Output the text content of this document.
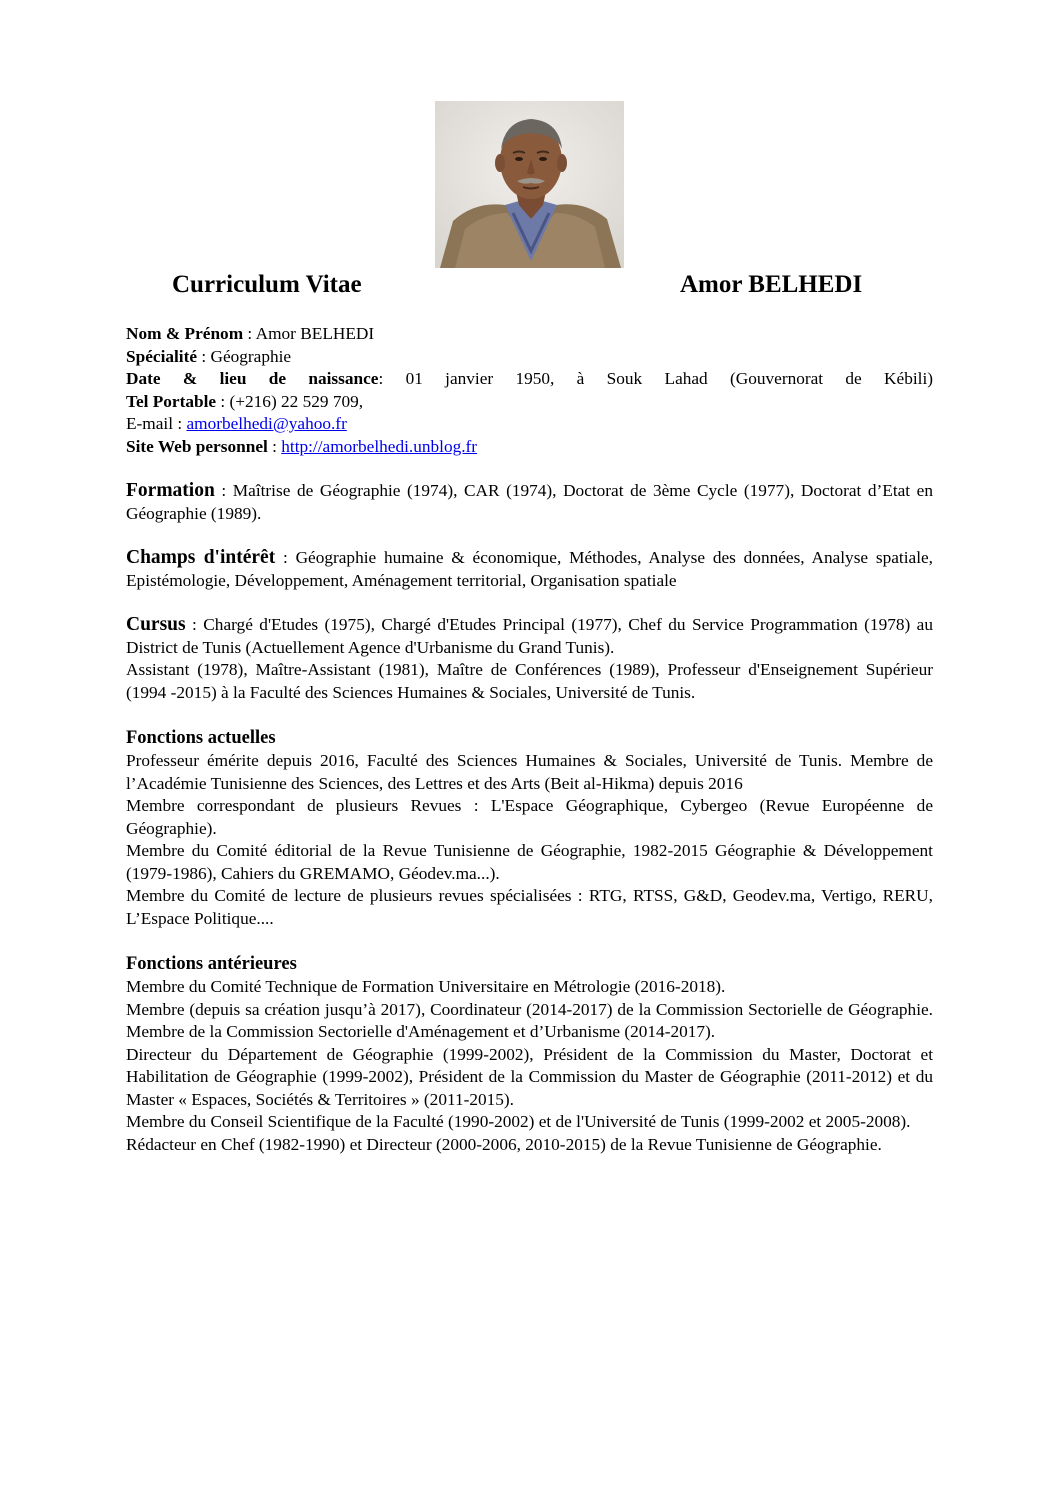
Curriculum Vitae	Amor BELHEDI
Nom & Prénom : Amor BELHEDI
Spécialité : Géographie
Date & lieu de naissance: 01 janvier 1950, à Souk Lahad (Gouvernorat de Kébili)
Tel Portable : (+216) 22 529 709,
E-mail : amorbelhedi@yahoo.fr
Site Web personnel : http://amorbelhedi.unblog.fr

Formation : Maîtrise de Géographie (1974), CAR (1974), Doctorat de 3ème Cycle (1977), Doctorat d’Etat en Géographie (1989).

Champs d'intérêt : Géographie humaine & économique, Méthodes, Analyse des données, Analyse spatiale, Epistémologie, Développement, Aménagement territorial, Organisation spatiale

Cursus : Chargé d'Etudes (1975), Chargé d'Etudes Principal (1977), Chef du Service Programmation (1978) au District de Tunis (Actuellement Agence d'Urbanisme du Grand Tunis).

Assistant (1978), Maître-Assistant (1981), Maître de Conférences (1989), Professeur d'Enseignement Supérieur (1994 -2015) à la Faculté des Sciences Humaines & Sociales, Université de Tunis.

Fonctions actuelles

Professeur émérite depuis 2016, Faculté des Sciences Humaines & Sociales, Université de Tunis. Membre de l’Académie Tunisienne des Sciences, des Lettres et des Arts (Beit al-Hikma) depuis 2016

Membre correspondant de plusieurs Revues : L'Espace Géographique, Cybergeo (Revue Européenne de Géographie).

Membre du Comité éditorial de la Revue Tunisienne de Géographie, 1982-2015 Géographie & Développement (1979-1986), Cahiers du GREMAMO, Géodev.ma...).

Membre du Comité de lecture de plusieurs revues spécialisées : RTG, RTSS, G&D, Geodev.ma, Vertigo, RERU, L’Espace Politique....

Fonctions antérieures

Membre du Comité Technique de Formation Universitaire en Métrologie (2016-2018).

Membre (depuis sa création jusqu’à 2017), Coordinateur (2014-2017) de la Commission Sectorielle de Géographie. Membre de la Commission Sectorielle d'Aménagement et d’Urbanisme (2014-2017).

Directeur du Département de Géographie (1999-2002), Président de la Commission du Master, Doctorat et Habilitation de Géographie (1999-2002), Président de la Commission du Master de Géographie (2011-2012) et du Master « Espaces, Sociétés & Territoires » (2011-2015).

Membre du Conseil Scientifique de la Faculté (1990-2002) et de l'Université de Tunis (1999-2002 et 2005-2008).

Rédacteur en Chef (1982-1990) et Directeur (2000-2006, 2010-2015) de la Revue Tunisienne de Géographie.
